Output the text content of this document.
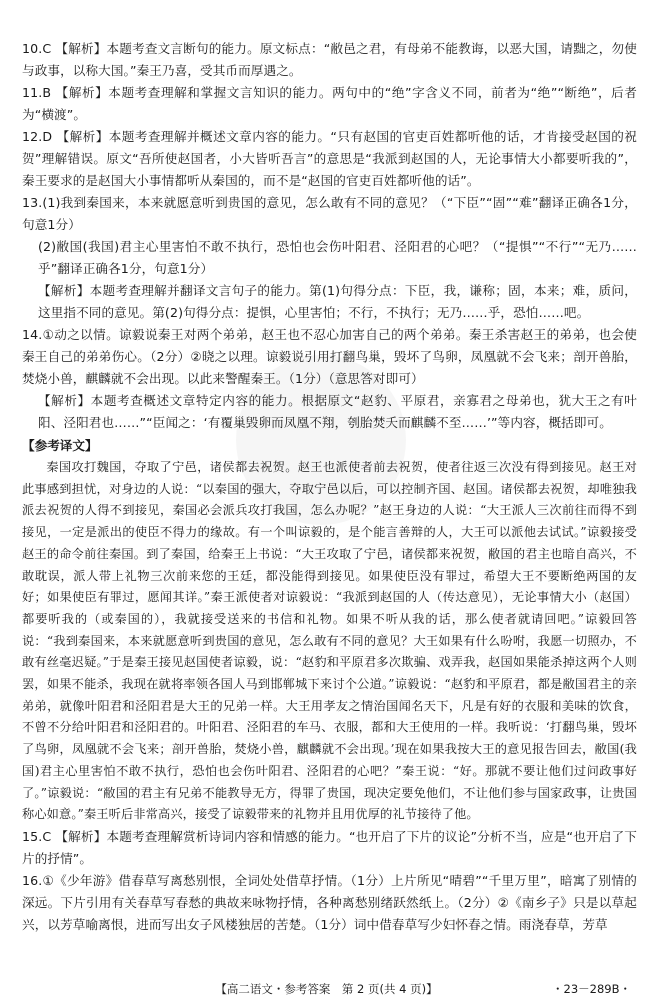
10.C 【解析】本题考查文言断句的能力。原文标点：“敝邑之君，有母弟不能教诲，以恶大国，请黜之，勿使与政事，以称大国。”秦王乃喜，受其币而厚遇之。
11.B 【解析】本题考查理解和掌握文言知识的能力。两句中的“绝”字含义不同，前者为“绝”“断绝”，后者为“横渡”。
12.D 【解析】本题考查理解并概述文章内容的能力。“只有赵国的官吏百姓都听他的话，才肯接受赵国的祝贺”理解错误。原文“吾所使赵国者，小大皆听吾言”的意思是“我派到赵国的人，无论事情大小都要听我的”，秦王要求的是赵国大小事情都听从秦国的，而不是“赵国的官吏百姓都听他的话”。
13.(1)我到秦国来，本来就愿意听到贵国的意见，怎么敢有不同的意见？（“下臣”“固”“难”翻译正确各1分，句意1分）
(2)敝国(我国)君主心里害怕不敢不执行，恐怕也会伤叶阳君、泾阳君的心吧？（“提惧”“不行”“无乃……乎”翻译正确各1分，句意1分）
【解析】本题考查理解并翻译文言句子的能力。第(1)句得分点：下臣，我，谦称；固，本来；难，质问，这里指不同的意见。第(2)句得分点：提惧，心里害怕；不行，不执行；无乃……乎，恐怕……吧。
14.①动之以情。谅毅说秦王对两个弟弟，赵王也不忍心加害自己的两个弟弟。秦王杀害赵王的弟弟，也会使秦王自己的弟弟伤心。（2分）②晓之以理。谅毅说引用打翻鸟巢，毁坏了鸟卵，凤凰就不会飞来；剖开兽胎，焚烧小兽，麒麟就不会出现。以此来警醒秦王。（1分）（意思答对即可）
【解析】本题考查概述文章特定内容的能力。根据原文“赵豹、平原君，亲寡君之母弟也，犹大王之有叶阳、泾阳君也……”“臣闻之：‘有覆巢毁卵而凤凰不翔，刳胎焚夭而麒麟不至……’”等内容，概括即可。
【参考译文】
秦国攻打魏国，夺取了宁邑，诸侯都去祝贺。赵王也派使者前去祝贺，使者往返三次没有得到接见。赵王对此事感到担忧，对身边的人说：“以秦国的强大，夺取宁邑以后，可以控制齐国、赵国。诸侯都去祝贺，却唯独我派去祝贺的人得不到接见，秦国必会派兵攻打我国，怎么办呢？”赵王身边的人说：“大王派人三次前往而得不到接见，一定是派出的使臣不得力的缘故。有一个叫谅毅的，是个能言善辩的人，大王可以派他去试试。”谅毅接受赵王的命令前往秦国。到了秦国，给秦王上书说：“大王攻取了宁邑，诸侯都来祝贺，敝国的君主也暗自高兴，不敢耽误，派人带上礼物三次前来您的王廷，都没能得到接见。如果使臣没有罪过，希望大王不要断绝两国的友好；如果使臣有罪过，愿闻其详。”秦王派使者对谅毅说：“我派到赵国的人（传达意见），无论事情大小（赵国）都要听我的（或秦国的），我就接受送来的书信和礼物。如果不听从我的话，那么使者就请回吧。”谅毅回答说：“我到秦国来，本来就愿意听到贵国的意见，怎么敢有不同的意见？大王如果有什么吩咐，我愿一切照办，不敢有丝毫迟疑。”于是秦王接见赵国使者谅毅，说：“赵豹和平原君多次欺骗、戏弄我，赵国如果能杀掉这两个人则罢，如果不能杀，我现在就将率领各国人马到邯郸城下来讨个公道。”谅毅说：“赵豹和平原君，都是敝国君主的亲弟弟，就像叶阳君和泾阳君是大王的兄弟一样。大王用孝友之情治国闻名天下，凡是有好的衣服和美味的饮食，不曾不分给叶阳君和泾阳君的。叶阳君、泾阳君的车马、衣服，都和大王使用的一样。我听说：‘打翻鸟巢，毁坏了鸟卵，凤凰就不会飞来；剖开兽胎，焚烧小兽，麒麟就不会出现。’现在如果我按大王的意见报告回去，敝国(我国)君主心里害怕不敢不执行，恐怕也会伤叶阳君、泾阳君的心吧？”秦王说：“好。那就不要让他们过问政事好了。”谅毅说：“敝国的君主有兄弟不能教导无方，得罪了贵国，现决定要免他们，不让他们参与国家政事，让贵国称心如意。”秦王听后非常高兴，接受了谅毅带来的礼物并且用优厚的礼节接待了他。
15.C 【解析】本题考查理解赏析诗词内容和情感的能力。“也开启了下片的议论”分析不当，应是“也开启了下片的抒情”。
16.①《少年游》借春草写离愁别恨，全词处处借草抒情。（1分）上片所见“晴碧”“千里万里”，暗寓了别情的深远。下片引用有关春草写春愁的典故来咏物抒情，各种离愁别绪跃然纸上。（2分）②《南乡子》只是以草起兴，以芳草喻离恨，进而写出女子风楼独居的苦楚。（1分）词中借春草写少妇怀春之情。雨浇春草，芳草
【高二语文・参考答案　第 2 页(共 4 页)】	・23－289B・
